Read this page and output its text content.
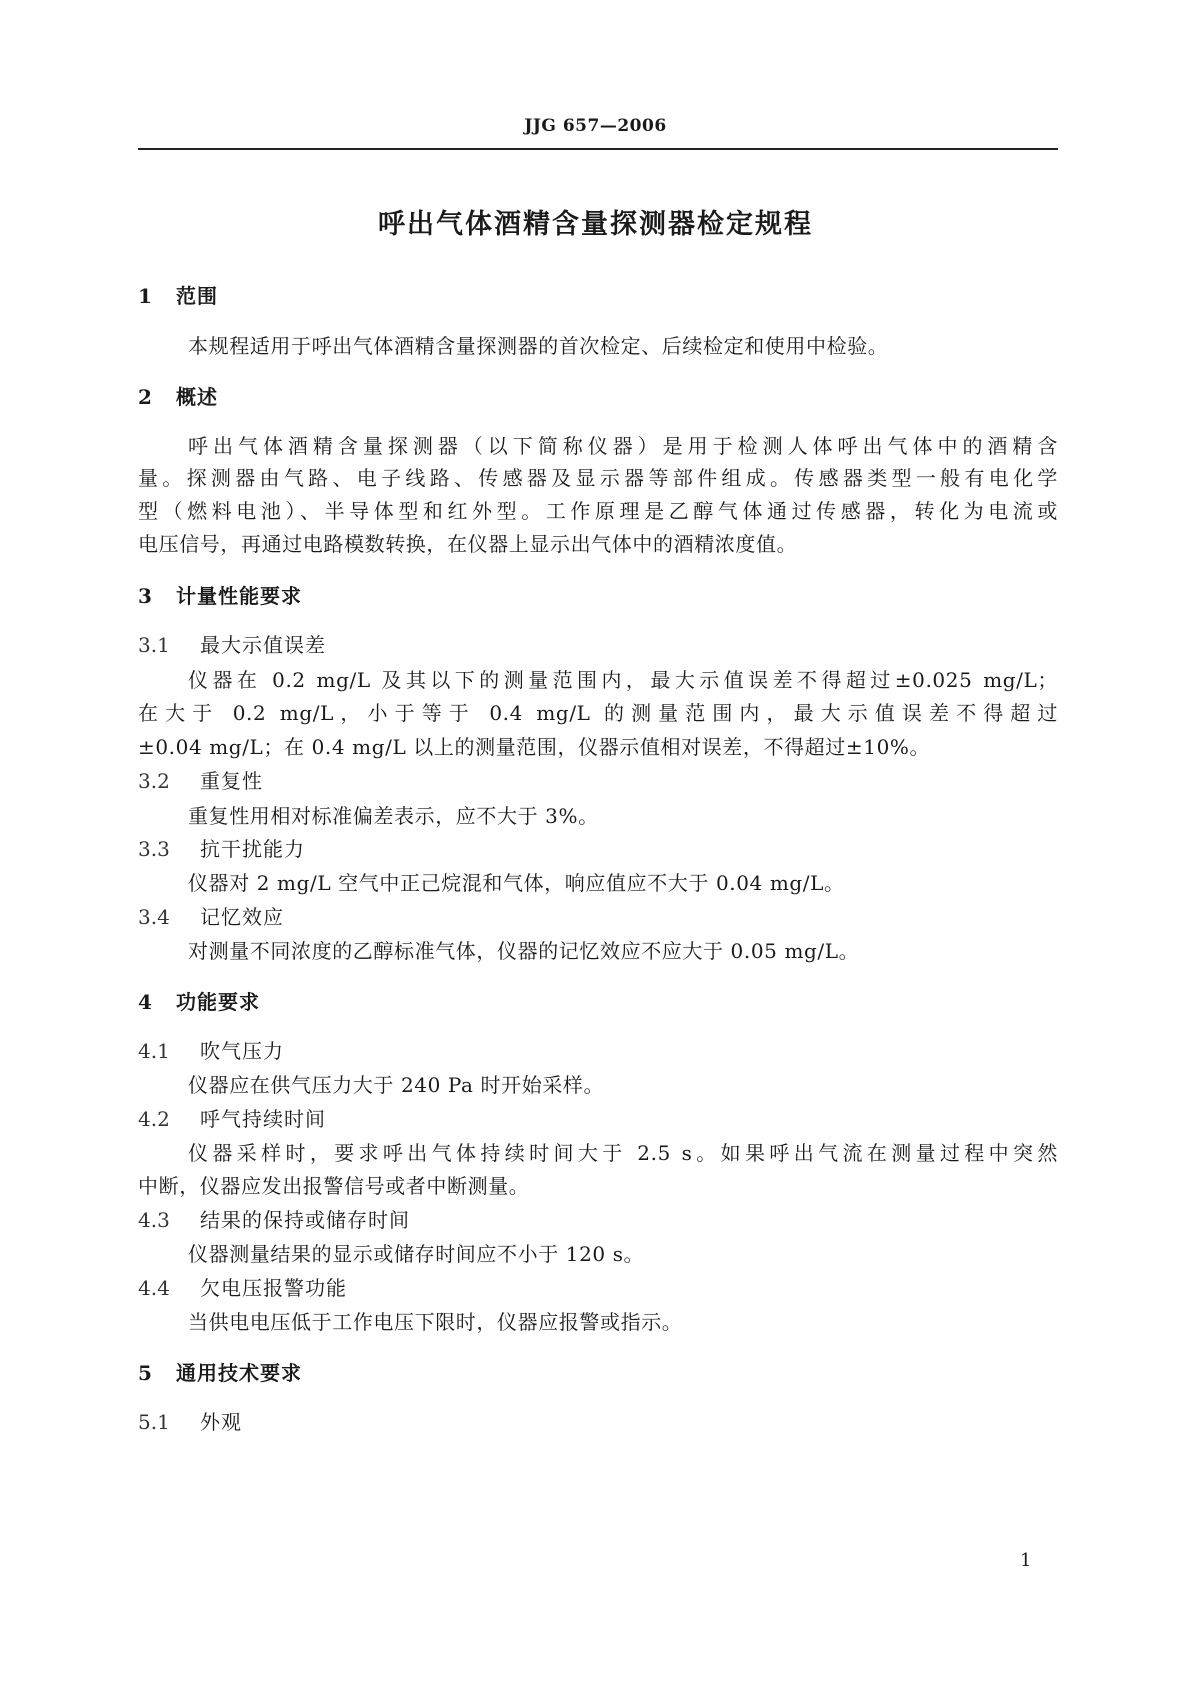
JJG 657—2006
呼出气体酒精含量探测器检定规程
1 范围
本规程适用于呼出气体酒精含量探测器的首次检定、后续检定和使用中检验。
2 概述
呼出气体酒精含量探测器（以下简称仪器）是用于检测人体呼出气体中的酒精含
量。探测器由气路、电子线路、传感器及显示器等部件组成。传感器类型一般有电化学
型（燃料电池）、半导体型和红外型。工作原理是乙醇气体通过传感器，转化为电流或
电压信号，再通过电路模数转换，在仪器上显示出气体中的酒精浓度值。
3 计量性能要求
3.1 最大示值误差
仪器在 0.2 mg/L 及其以下的测量范围内，最大示值误差不得超过±0.025 mg/L；
在大于 0.2 mg/L，小于等于 0.4 mg/L 的测量范围内，最大示值误差不得超过
±0.04 mg/L；在 0.4 mg/L 以上的测量范围，仪器示值相对误差，不得超过±10%。
3.2 重复性
重复性用相对标准偏差表示，应不大于 3%。
3.3 抗干扰能力
仪器对 2 mg/L 空气中正己烷混和气体，响应值应不大于 0.04 mg/L。
3.4 记忆效应
对测量不同浓度的乙醇标准气体，仪器的记忆效应不应大于 0.05 mg/L。
4 功能要求
4.1 吹气压力
仪器应在供气压力大于 240 Pa 时开始采样。
4.2 呼气持续时间
仪器采样时，要求呼出气体持续时间大于 2.5 s。如果呼出气流在测量过程中突然
中断，仪器应发出报警信号或者中断测量。
4.3 结果的保持或储存时间
仪器测量结果的显示或储存时间应不小于 120 s。
4.4 欠电压报警功能
当供电电压低于工作电压下限时，仪器应报警或指示。
5 通用技术要求
5.1 外观
1
